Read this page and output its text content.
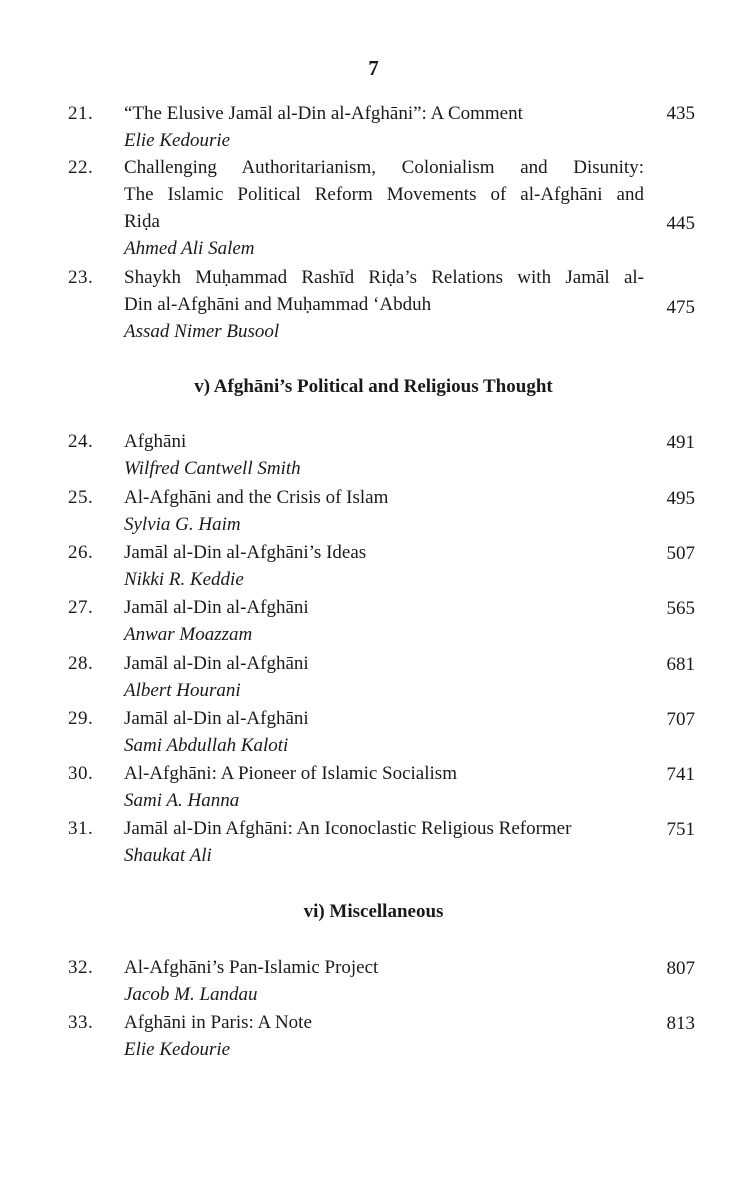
7
21.	“The Elusive Jamāl al-Din al-Afghāni”: A Comment	435
Elie Kedourie
22.	Challenging Authoritarianism, Colonialism and Disunity:
The Islamic Political Reform Movements of al-Afghāni and
Riḍa	445
Ahmed Ali Salem
23.	Shaykh Muḥammad Rashīd Riḍa’s Relations with Jamāl al-
Din al-Afghāni and Muḥammad ‘Abduh	475
Assad Nimer Busool
v) Afghāni’s Political and Religious Thought
24.	Afghāni	491
Wilfred Cantwell Smith
25.	Al-Afghāni and the Crisis of Islam	495
Sylvia G. Haim
26.	Jamāl al-Din al-Afghāni’s Ideas	507
Nikki R. Keddie
27.	Jamāl al-Din al-Afghāni	565
Anwar Moazzam
28.	Jamāl al-Din al-Afghāni	681
Albert Hourani
29.	Jamāl al-Din al-Afghāni	707
Sami Abdullah Kaloti
30.	Al-Afghāni: A Pioneer of Islamic Socialism	741
Sami A. Hanna
31.	Jamāl al-Din Afghāni: An Iconoclastic Religious Reformer	751
Shaukat Ali
vi) Miscellaneous
32.	Al-Afghāni’s Pan-Islamic Project	807
Jacob M. Landau
33.	Afghāni in Paris: A Note	813
Elie Kedourie
